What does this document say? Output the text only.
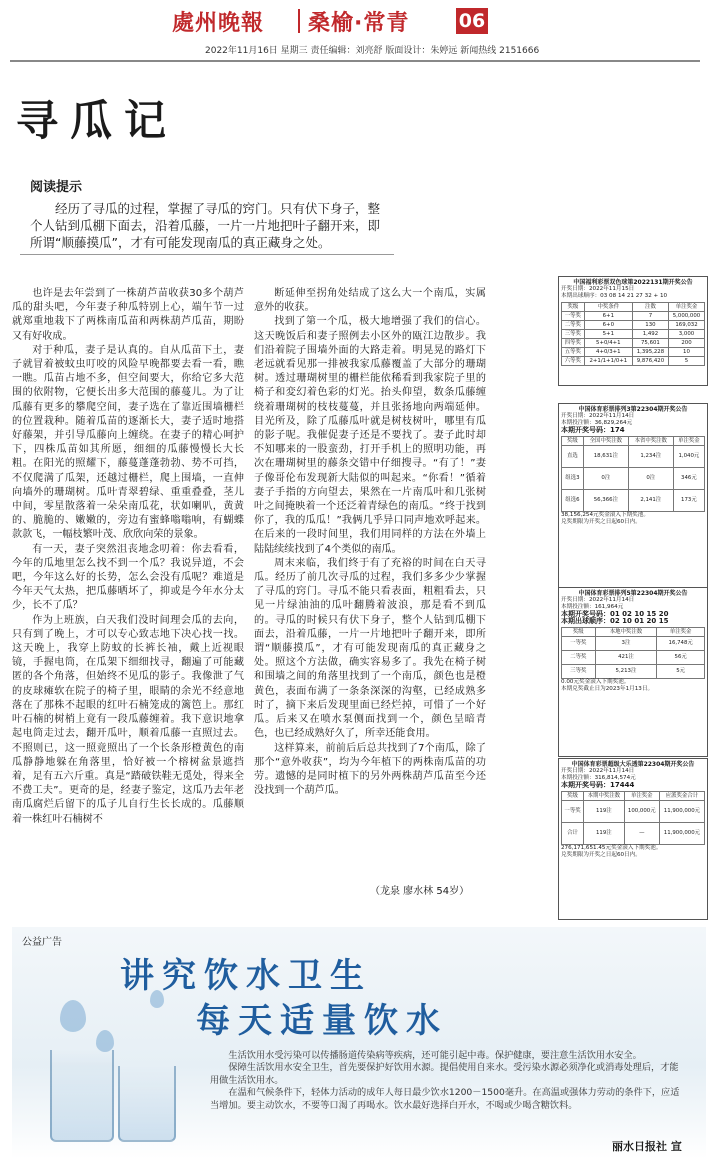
處州晚報 桑榆·常青	06
2022年11月16日 星期三 责任编辑：刘亮舒 版面设计：朱婷远 新闻热线 2151666
寻瓜记
阅读提示
经历了寻瓜的过程，掌握了寻瓜的窍门。只有伏下身子，整个人钻到瓜棚下面去，沿着瓜藤，一片一片地把叶子翻开来，即所谓“顺藤摸瓜”，才有可能发现南瓜的真正藏身之处。

也许是去年尝到了一株葫芦苗收获30多个葫芦瓜的甜头吧，今年妻子种瓜特别上心，端午节一过就郑重地栽下了两株南瓜苗和两株葫芦瓜苗，期盼又有好收成。

对于种瓜，妻子是认真的。自从瓜苗下土，妻子就冒着被蚊虫叮咬的风险早晚都要去看一看，瞧一瞧。瓜苗占地不多，但空间要大，你给它多大范围的依附物，它便长出多大范围的藤蔓儿。为了让瓜藤有更多的攀爬空间，妻子选在了靠近围墙栅栏的位置栽种。随着瓜苗的逐渐长大，妻子适时地搭好藤架，并引导瓜藤向上缠绕。在妻子的精心呵护下，四株瓜苗如其所愿，细细的瓜藤慢慢长大长粗。在阳光的照耀下，藤蔓蓬蓬勃勃、势不可挡，不仅爬满了瓜架，还越过栅栏，爬上围墙，一直伸向墙外的珊瑚树。瓜叶青翠碧绿、重重叠叠，茎儿中间，零星散落着一朵朵南瓜花，状如喇叭，黄黄的、脆脆的、嫩嫩的，旁边有蜜蜂嗡嗡响，有蝴蝶款款飞，一幅枝繁叶茂、欣欣向荣的景象。

有一天，妻子突然沮丧地念叨着：你去看看，今年的瓜地里怎么找不到一个瓜？我说异道，不会吧，今年这么好的长势，怎么会没有瓜呢？难道是今年天气太热，把瓜藤晒坏了，抑或是今年水分太少，长不了瓜？

作为上班族，白天我们没时间理会瓜的去向，只有到了晚上，才可以专心致志地下决心找一找。这天晚上，我穿上防蚊的长裤长袖，戴上近视眼镜，手握电筒，在瓜架下细细找寻，翻遍了可能藏匿的各个角落，但始终不见瓜的影子。我像泄了气的皮球瘫软在院子的椅子里，眼睛的余光不经意地落在了那株不起眼的红叶石楠笼成的篱笆上。那红叶石楠的树梢上竟有一段瓜藤缠着。我下意识地拿起电筒走过去，翻开瓜叶，顺着瓜藤一直照过去。不照则已，这一照竟照出了一个长条形橙黄色的南瓜静静地躲在角落里，恰好被一个榕树盆景遮挡着，足有五六斤重。真是“踏破铁鞋无觅处，得来全不费工夫”。更奇的是，经妻子鉴定，这瓜乃去年老南瓜腐烂后留下的瓜子儿自行生长长成的。瓜藤顺着一株红叶石楠树不

断延伸至拐角处结成了这么大一个南瓜，实属意外的收获。

找到了第一个瓜，极大地增强了我们的信心。这天晚饭后和妻子照例去小区外的瓯江边散步。我们沿着院子围墙外面的大路走着。明晃晃的路灯下老远就看见那一排被我家瓜藤覆盖了大部分的珊瑚树。透过珊瑚树里的栅栏能依稀看到我家院子里的椅子和変幻着色彩的灯光。抬头仰望，数条瓜藤缠绕着珊瑚树的枝枝蔓蔓，并且张扬地向两端延伸。目光所及，除了瓜藤瓜叶就是树枝树叶，哪里有瓜的影子呢。我催促妻子还是不要找了。妻子此时却不知哪来的一股蛮劲，打开手机上的照明功能，再次在珊瑚树里的藤条交错中仔细搜寻。“有了！”妻子像哥伦布发现新大陆似的叫起来。“你看！”循着妻子手指的方向望去，果然在一片南瓜叶和几张树叶之间掩映着一个还泛着青绿色的南瓜。“终于找到你了，我的瓜瓜！”我俩几乎异口同声地欢呼起来。在后来的一段时间里，我们用同样的方法在外墙上陆陆续续找到了4个类似的南瓜。

周末来临，我们终于有了充裕的时间在白天寻瓜。经历了前几次寻瓜的过程，我们多多少少掌握了寻瓜的窍门。寻瓜不能只看表面，粗粗看去，只见一片绿油油的瓜叶翻腾着波浪，那是看不到瓜的。寻瓜的时候只有伏下身子，整个人钻到瓜棚下面去，沿着瓜藤，一片一片地把叶子翻开来，即所谓“顺藤摸瓜”，才有可能发现南瓜的真正藏身之处。照这个方法做，确实容易多了。我先在椅子树和围墙之间的角落里找到了一个南瓜，颜色也是橙黄色，表面布满了一条条深深的沟壑，已经成熟多时了，摘下来后发现里面已经烂掉，可惜了一个好瓜。后来又在喷水泵侧面找到一个，颜色呈暗青色，也已经成熟好久了，所幸还能食用。

这样算来，前前后后总共找到了7个南瓜，除了那个“意外收获”，均为今年植下的两株南瓜苗的功劳。遗憾的是同时植下的另外两株葫芦瓜苗至今还没找到一个葫芦瓜。

（龙泉 廖水林 54岁）
中国福利彩票双色球第2022131期开奖公告
开奖日期：2022年11月15日
本期出球顺序：03 08 14 21 27 32 + 10
奖级	中奖条件	注数	单注奖金
一等奖	6+1	7	5,000,000
二等奖	6+0	130	169,032
三等奖	5+1	1,492	3,000
四等奖	5+0/4+1	75,601	200
五等奖	4+0/3+1	1,395,228	10
六等奖	2+1/1+1/0+1	9,876,420	5
中国体育彩票排列3第22304期开奖公告
开奖日期：2022年11月14日
本期投注额：36,829,264元
本期开奖号码：174
奖级	全国中奖注数	本省中奖注数	单注奖金
直选	18,631注	1,234注	1,040元
组选3	0注	0注	346元
组选6	56,366注	2,141注	173元
38,156,254元奖金滚入下期奖池。
兑奖期限为开奖之日起60日内。
中国体育彩票排列5第22304期开奖公告
开奖日期：2022年11月14日
本期投注额：161,964元
本期开奖号码：01 02 10 15 20
本期出球顺序：02 10 01 20 15
奖级	本地中奖注数	单注奖金
一等奖	3注	16,748元
二等奖	421注	56元
三等奖	5,213注	5元
0.00元奖金滚入下期奖池。
本期兑奖截止日为2023年1月13日。
中国体育彩票超级大乐透第22304期开奖公告
开奖日期：2022年11月14日
本期投注额：316,814,574元
本期开奖号码：17444
奖级	本期中奖注数	单注奖金	应派奖金合计
一等奖	119注	100,000元	11,900,000元
合计	119注	—	11,900,000元
276,171,651.45元奖金滚入下期奖池。
兑奖期限为开奖之日起60日内。
公益广告
讲究饮水卫生
每天适量饮水

生活饮用水受污染可以传播肠道传染病等疾病，还可能引起中毒。保护健康，要注意生活饮用水安全。

保障生活饮用水安全卫生，首先要保护好饮用水源。提倡使用自来水。受污染水源必须净化或消毒处理后，才能用做生活饮用水。

在温和气候条件下，轻体力活动的成年人每日最少饮水1200－1500毫升。在高温或强体力劳动的条件下，应适当增加。要主动饮水，不要等口渴了再喝水。饮水最好选择白开水，不喝或少喝含糖饮料。

丽水日报社 宣
